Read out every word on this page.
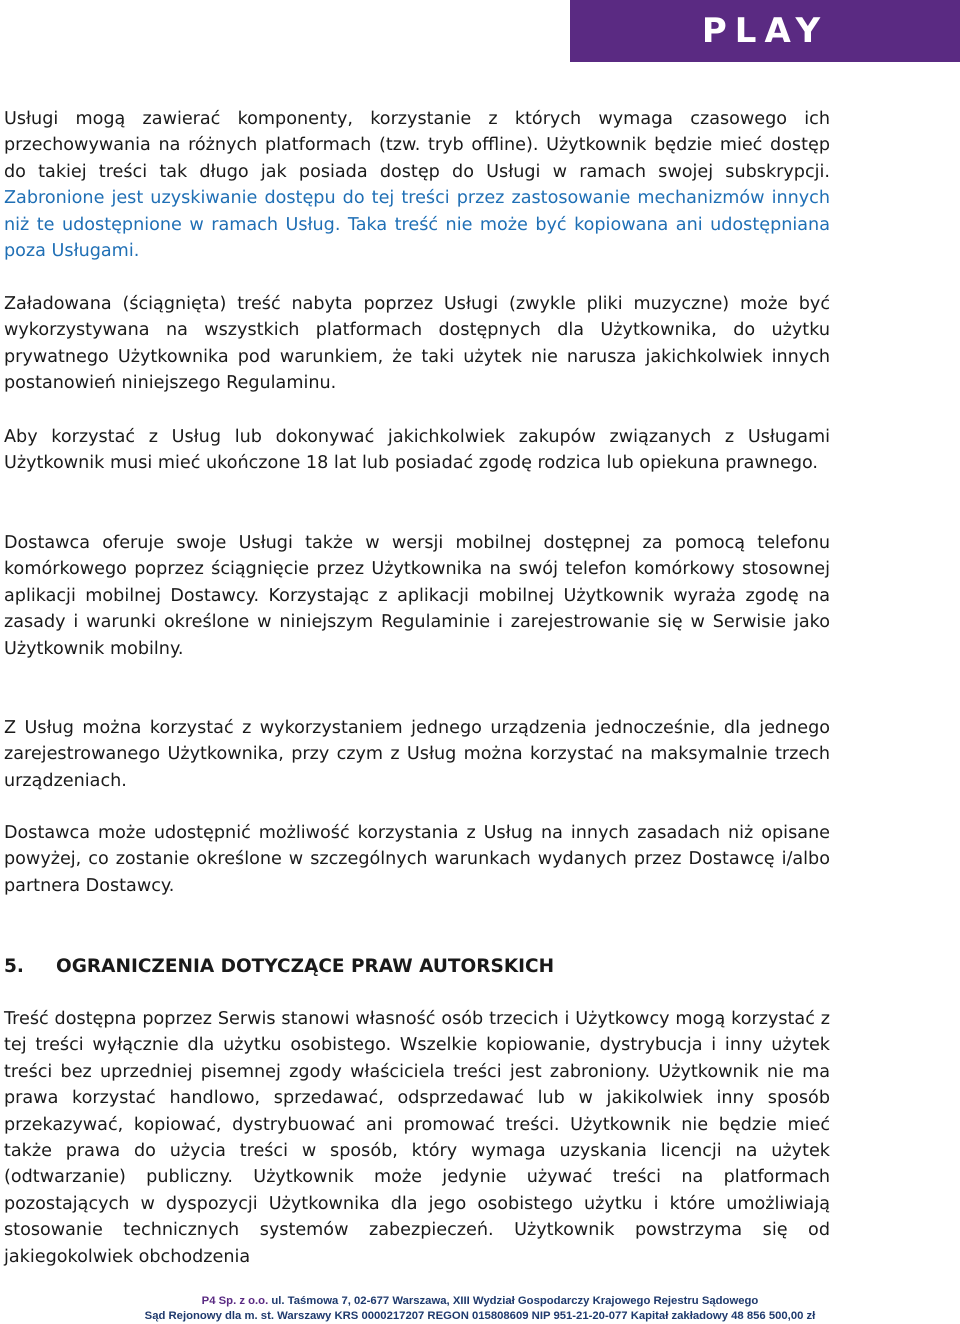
PLAY

Usługi mogą zawierać komponenty, korzystanie z których wymaga czasowego ich przechowywania na różnych platformach (tzw. tryb offline). Użytkownik będzie mieć dostęp do takiej treści tak długo jak posiada dostęp do Usługi w ramach swojej subskrypcji. Zabronione jest uzyskiwanie dostępu do tej treści przez zastosowanie mechanizmów innych niż te udostępnione w ramach Usług. Taka treść nie może być kopiowana ani udostępniana poza Usługami.

Załadowana (ściągnięta) treść nabyta poprzez Usługi (zwykle pliki muzyczne) może być wykorzystywana na wszystkich platformach dostępnych dla Użytkownika, do użytku prywatnego Użytkownika pod warunkiem, że taki użytek nie narusza jakichkolwiek innych postanowień niniejszego Regulaminu.

Aby korzystać z Usług lub dokonywać jakichkolwiek zakupów związanych z Usługami Użytkownik musi mieć ukończone 18 lat lub posiadać zgodę rodzica lub opiekuna prawnego.

Dostawca oferuje swoje Usługi także w wersji mobilnej dostępnej za pomocą telefonu komórkowego poprzez ściągnięcie przez Użytkownika na swój telefon komórkowy stosownej aplikacji mobilnej Dostawcy. Korzystając z aplikacji mobilnej Użytkownik wyraża zgodę na zasady i warunki określone w niniejszym Regulaminie i zarejestrowanie się w Serwisie jako Użytkownik mobilny.

Z Usług można korzystać z wykorzystaniem jednego urządzenia jednocześnie, dla jednego zarejestrowanego Użytkownika, przy czym z Usług można korzystać na maksymalnie trzech urządzeniach.

Dostawca może udostępnić możliwość korzystania z Usług na innych zasadach niż opisane powyżej, co zostanie określone w szczególnych warunkach wydanych przez Dostawcę i/albo partnera Dostawcy.

5. OGRANICZENIA DOTYCZĄCE PRAW AUTORSKICH

Treść dostępna poprzez Serwis stanowi własność osób trzecich i Użytkowcy mogą korzystać z tej treści wyłącznie dla użytku osobistego. Wszelkie kopiowanie, dystrybucja i inny użytek treści bez uprzedniej pisemnej zgody właściciela treści jest zabroniony. Użytkownik nie ma prawa korzystać handlowo, sprzedawać, odsprzedawać lub w jakikolwiek inny sposób przekazywać, kopiować, dystrybuować ani promować treści. Użytkownik nie będzie mieć także prawa do użycia treści w sposób, który wymaga uzyskania licencji na użytek (odtwarzanie) publiczny. Użytkownik może jedynie używać treści na platformach pozostających w dyspozycji Użytkownika dla jego osobistego użytku i które umożliwiają stosowanie technicznych systemów zabezpieczeń. Użytkownik powstrzyma się od jakiegokolwiek obchodzenia

P4 Sp. z o.o. ul. Taśmowa 7, 02-677 Warszawa, XIII Wydział Gospodarczy Krajowego Rejestru Sądowego
Sąd Rejonowy dla m. st. Warszawy KRS 0000217207 REGON 015808609 NIP 951-21-20-077 Kapitał zakładowy 48 856 500,00 zł
